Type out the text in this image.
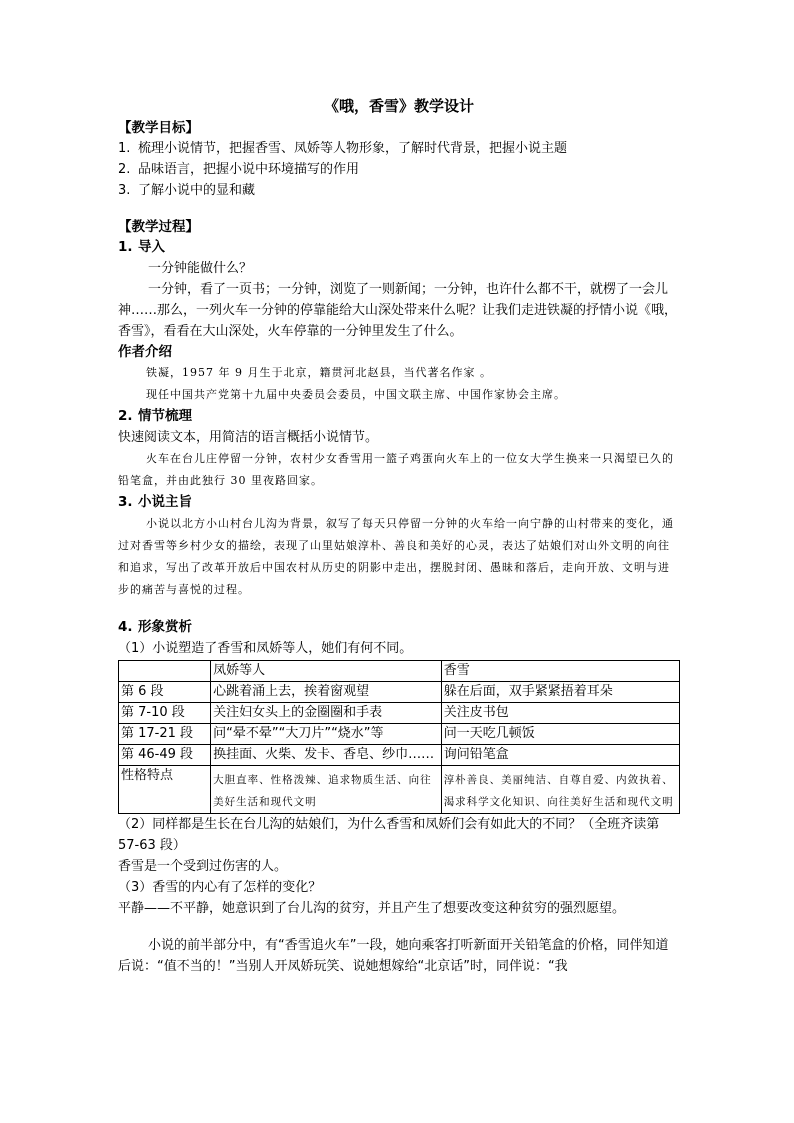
《哦，香雪》教学设计

【教学目标】

1. 梳理小说情节，把握香雪、凤娇等人物形象，了解时代背景，把握小说主题
2. 品味语言，把握小说中环境描写的作用
3. 了解小说中的显和藏

【教学过程】

1. 导入

一分钟能做什么？

一分钟，看了一页书；一分钟，浏览了一则新闻；一分钟，也许什么都不干，就楞了一会儿神……那么，一列火车一分钟的停靠能给大山深处带来什么呢？让我们走进铁凝的抒情小说《哦，香雪》，看看在大山深处，火车停靠的一分钟里发生了什么。

作者介绍

铁凝，1957 年 9 月生于北京，籍贯河北赵县，当代著名作家 。

现任中国共产党第十九届中央委员会委员，中国文联主席、中国作家协会主席。

2. 情节梳理

快速阅读文本，用简洁的语言概括小说情节。

火车在台儿庄停留一分钟，农村少女香雪用一篮子鸡蛋向火车上的一位女大学生换来一只渴望已久的铅笔盒，并由此独行 30 里夜路回家。

3. 小说主旨

小说以北方小山村台儿沟为背景，叙写了每天只停留一分钟的火车给一向宁静的山村带来的变化，通过对香雪等乡村少女的描绘，表现了山里姑娘淳朴、善良和美好的心灵，表达了姑娘们对山外文明的向往和追求，写出了改革开放后中国农村从历史的阴影中走出，摆脱封闭、愚昧和落后，走向开放、文明与进步的痛苦与喜悦的过程。

4. 形象赏析

（1）小说塑造了香雪和凤娇等人，她们有何不同。

	凤娇等人	香雪
第 6 段	心跳着涌上去，挨着窗观望	躲在后面，双手紧紧捂着耳朵
第 7-10 段	关注妇女头上的金圈圈和手表	关注皮书包
第 17-21 段	问“晕不晕”“大刀片”“烧水”等	问一天吃几顿饭
第 46-49 段	换挂面、火柴、发卡、香皂、纱巾……	询问铅笔盒
性格特点	大胆直率、性格泼辣、追求物质生活、向往美好生活和现代文明	淳朴善良、美丽纯洁、自尊自爱、内敛执着、渴求科学文化知识、向往美好生活和现代文明

（2）同样都是生长在台儿沟的姑娘们，为什么香雪和凤娇们会有如此大的不同？（全班齐读第 57-63 段）

香雪是一个受到过伤害的人。

（3）香雪的内心有了怎样的变化？

平静——不平静，她意识到了台儿沟的贫穷，并且产生了想要改变这种贫穷的强烈愿望。

小说的前半部分中，有“香雪追火车”一段，她向乘客打听新面开关铅笔盒的价格，同伴知道后说：“值不当的！”当别人开凤娇玩笑、说她想嫁给“北京话”时，同伴说：“我
